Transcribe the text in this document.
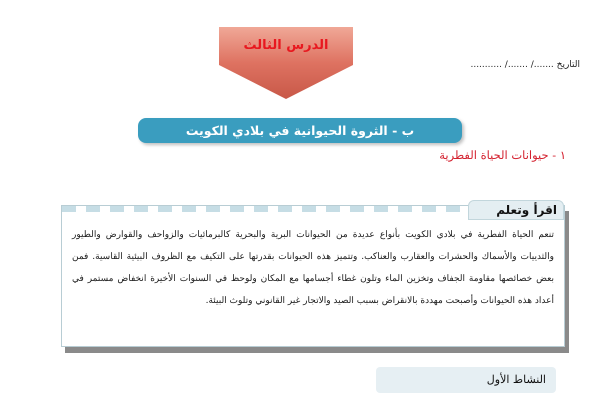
الدرس الثالث
التاريخ ......./ ......./ ...........
ب - الثروة الحيوانية في بلادي الكويت
١ - حيوانات الحياة الفطرية
اقرأ وتعلم
تنعم الحياة الفطرية في بلادي الكويت بأنواع عديدة من الحيوانات البرية والبحرية كالبرمائيات والزواحف والقوارض والطيور والثدييات والأسماك والحشرات والعقارب والعناكب. وتتميز هذه الحيوانات بقدرتها على التكيف مع الظروف البيئية القاسية. فمن بعض خصائصها مقاومة الجفاف وتخزين الماء وتلون غطاء أجسامها مع المكان ولوحظ في السنوات الأخيرة انخفاض مستمر في أعداد هذه الحيوانات وأصبحت مهددة بالانقراض بسبب الصيد والاتجار غير القانوني وتلوث البيئة.
النشاط الأول
